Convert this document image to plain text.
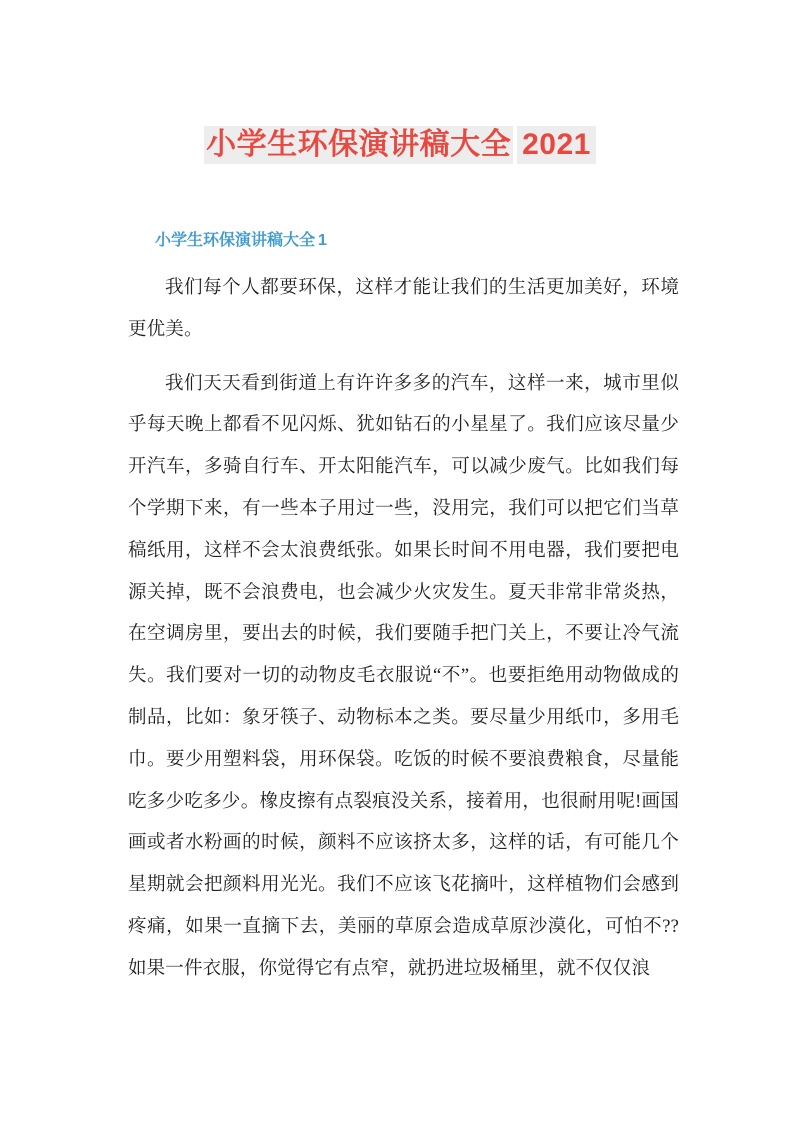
小学生环保演讲稿大全 2021
小学生环保演讲稿大全 1

我们每个人都要环保，这样才能让我们的生活更加美好，环境更优美。

我们天天看到街道上有许许多多的汽车，这样一来，城市里似乎每天晚上都看不见闪烁、犹如钻石的小星星了。我们应该尽量少开汽车，多骑自行车、开太阳能汽车，可以减少废气。比如我们每个学期下来，有一些本子用过一些，没用完，我们可以把它们当草稿纸用，这样不会太浪费纸张。如果长时间不用电器，我们要把电源关掉，既不会浪费电，也会减少火灾发生。夏天非常非常炎热，在空调房里，要出去的时候，我们要随手把门关上，不要让冷气流失。我们要对一切的动物皮毛衣服说“不”。也要拒绝用动物做成的制品，比如：象牙筷子、动物标本之类。要尽量少用纸巾，多用毛巾。要少用塑料袋，用环保袋。吃饭的时候不要浪费粮食，尽量能吃多少吃多少。橡皮擦有点裂痕没关系，接着用，也很耐用呢!画国画或者水粉画的时候，颜料不应该挤太多，这样的话，有可能几个星期就会把颜料用光光。我们不应该飞花摘叶，这样植物们会感到疼痛，如果一直摘下去，美丽的草原会造成草原沙漠化，可怕不??如果一件衣服，你觉得它有点窄，就扔进垃圾桶里，就不仅仅浪
